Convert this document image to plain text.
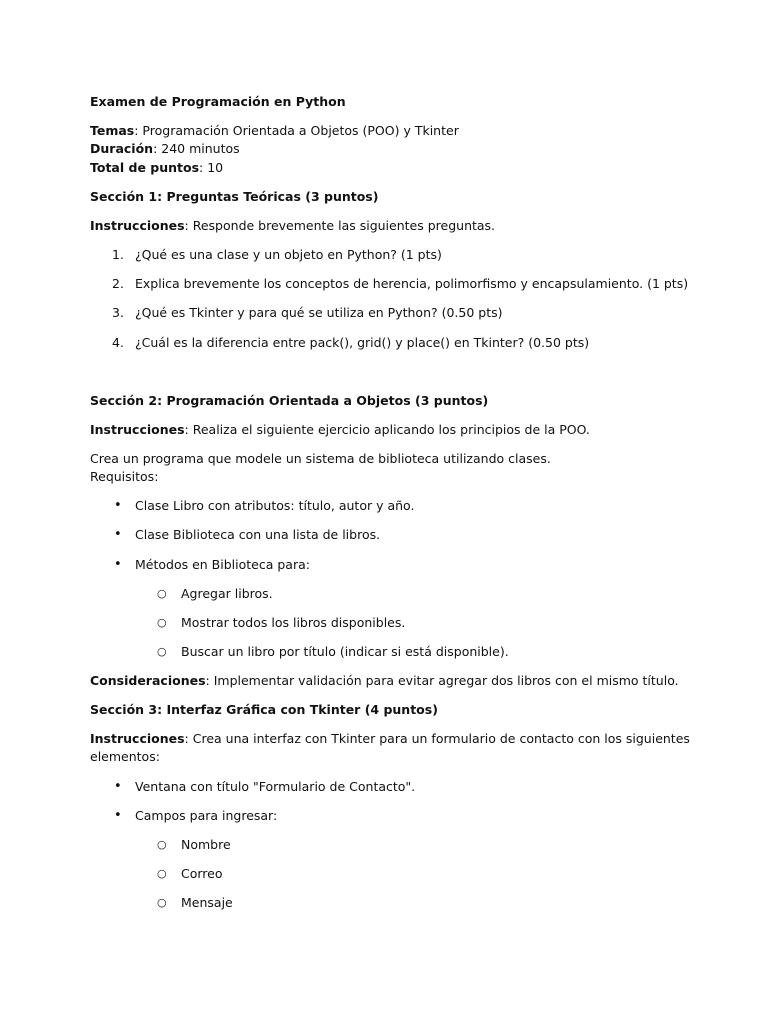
Examen de Programación en Python
Temas: Programación Orientada a Objetos (POO) y Tkinter
Duración: 240 minutos
Total de puntos: 10
Sección 1: Preguntas Teóricas (3 puntos)
Instrucciones: Responde brevemente las siguientes preguntas.
1. ¿Qué es una clase y un objeto en Python? (1 pts)
2. Explica brevemente los conceptos de herencia, polimorfismo y encapsulamiento. (1 pts)
3. ¿Qué es Tkinter y para qué se utiliza en Python? (0.50 pts)
4. ¿Cuál es la diferencia entre pack(), grid() y place() en Tkinter? (0.50 pts)
Sección 2: Programación Orientada a Objetos (3 puntos)
Instrucciones: Realiza el siguiente ejercicio aplicando los principios de la POO.
Crea un programa que modele un sistema de biblioteca utilizando clases.
Requisitos:
• Clase Libro con atributos: título, autor y año.
• Clase Biblioteca con una lista de libros.
• Métodos en Biblioteca para:
○ Agregar libros.
○ Mostrar todos los libros disponibles.
○ Buscar un libro por título (indicar si está disponible).
Consideraciones: Implementar validación para evitar agregar dos libros con el mismo título.
Sección 3: Interfaz Gráfica con Tkinter (4 puntos)
Instrucciones: Crea una interfaz con Tkinter para un formulario de contacto con los siguientes
elementos:
• Ventana con título "Formulario de Contacto".
• Campos para ingresar:
○ Nombre
○ Correo
○ Mensaje
